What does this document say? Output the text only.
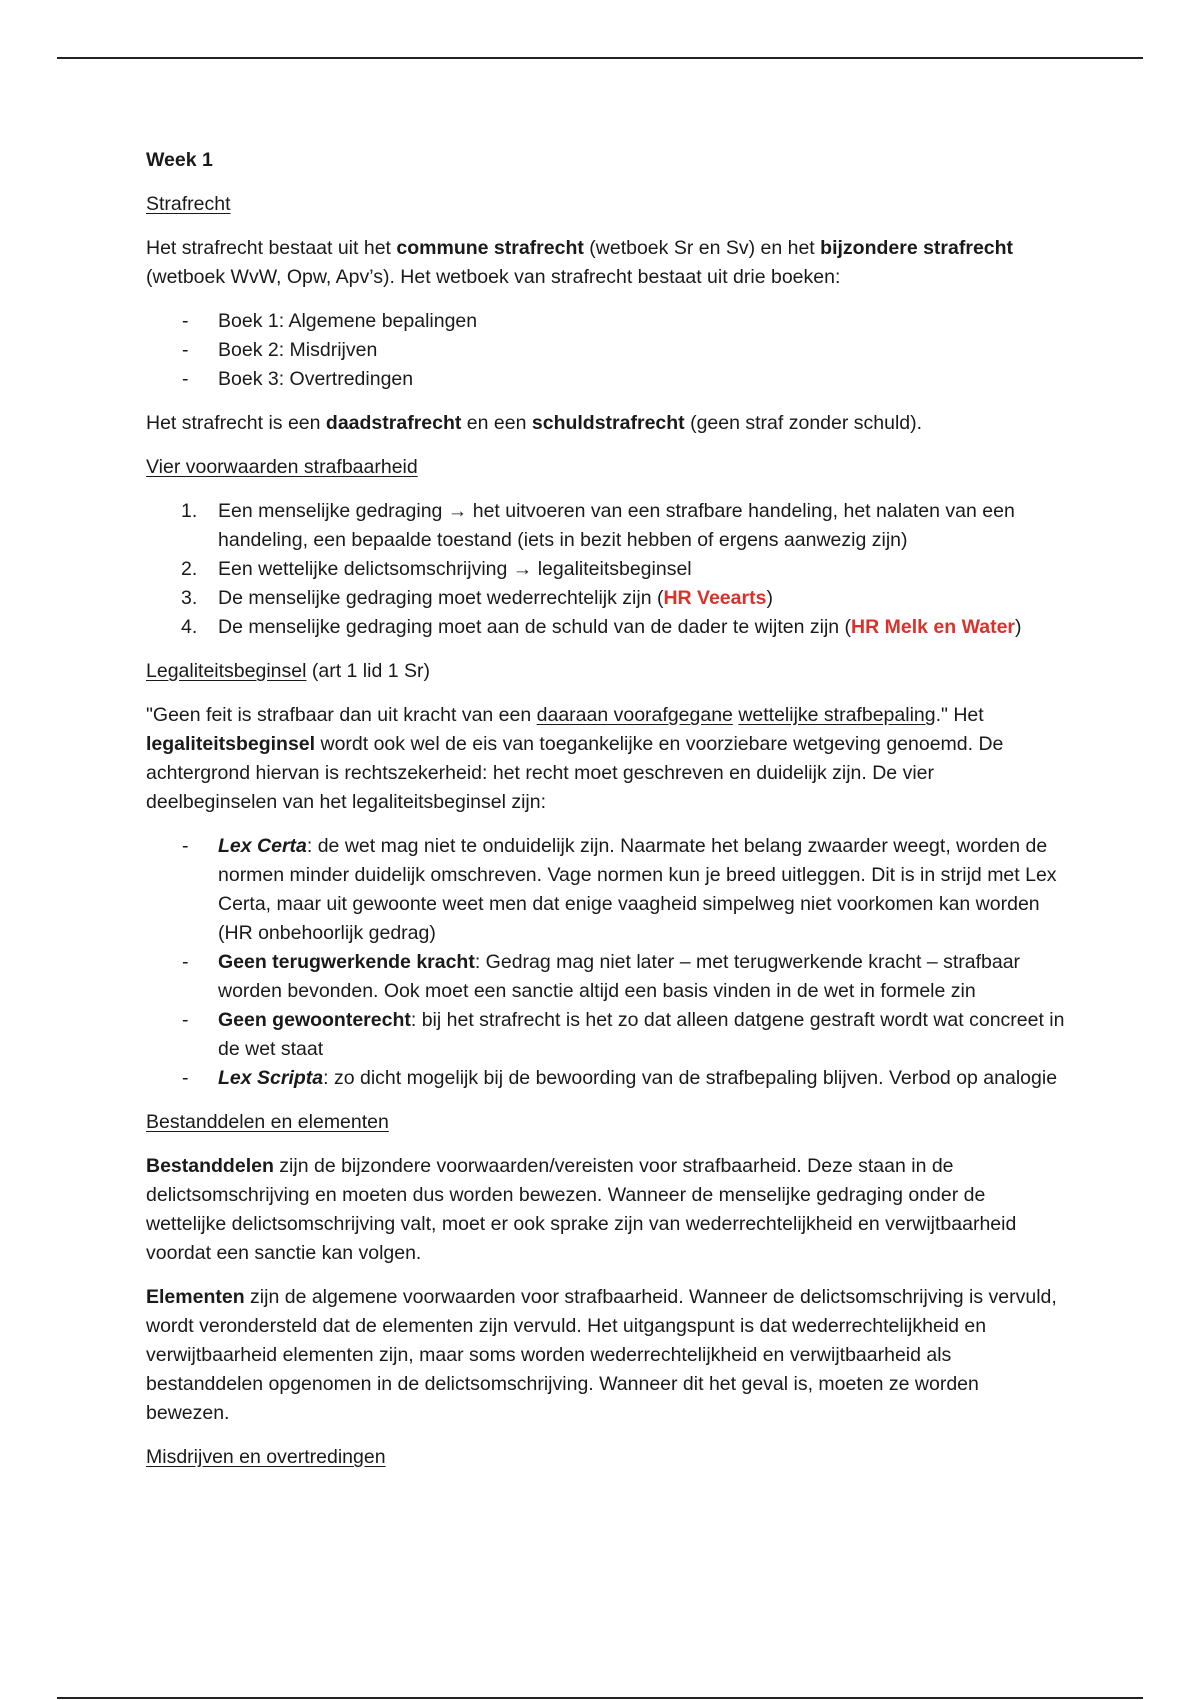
Week 1

Strafrecht

Het strafrecht bestaat uit het commune strafrecht (wetboek Sr en Sv) en het bijzondere strafrecht (wetboek WvW, Opw, Apv’s). Het wetboek van strafrecht bestaat uit drie boeken:

- Boek 1: Algemene bepalingen
- Boek 2: Misdrijven
- Boek 3: Overtredingen

Het strafrecht is een daadstrafrecht en een schuldstrafrecht (geen straf zonder schuld).

Vier voorwaarden strafbaarheid

1. Een menselijke gedraging → het uitvoeren van een strafbare handeling, het nalaten van een handeling, een bepaalde toestand (iets in bezit hebben of ergens aanwezig zijn)
2. Een wettelijke delictsomschrijving → legaliteitsbeginsel
3. De menselijke gedraging moet wederrechtelijk zijn (HR Veearts)
4. De menselijke gedraging moet aan de schuld van de dader te wijten zijn (HR Melk en Water)

Legaliteitsbeginsel (art 1 lid 1 Sr)

"Geen feit is strafbaar dan uit kracht van een daaraan voorafgegane wettelijke strafbepaling." Het legaliteitsbeginsel wordt ook wel de eis van toegankelijke en voorziebare wetgeving genoemd. De achtergrond hiervan is rechtszekerheid: het recht moet geschreven en duidelijk zijn. De vier deelbeginselen van het legaliteitsbeginsel zijn:

- Lex Certa: de wet mag niet te onduidelijk zijn. Naarmate het belang zwaarder weegt, worden de normen minder duidelijk omschreven. Vage normen kun je breed uitleggen. Dit is in strijd met Lex Certa, maar uit gewoonte weet men dat enige vaagheid simpelweg niet voorkomen kan worden (HR onbehoorlijk gedrag)
- Geen terugwerkende kracht: Gedrag mag niet later – met terugwerkende kracht – strafbaar worden bevonden. Ook moet een sanctie altijd een basis vinden in de wet in formele zin
- Geen gewoonterecht: bij het strafrecht is het zo dat alleen datgene gestraft wordt wat concreet in de wet staat
- Lex Scripta: zo dicht mogelijk bij de bewoording van de strafbepaling blijven. Verbod op analogie

Bestanddelen en elementen

Bestanddelen zijn de bijzondere voorwaarden/vereisten voor strafbaarheid. Deze staan in de delictsomschrijving en moeten dus worden bewezen. Wanneer de menselijke gedraging onder de wettelijke delictsomschrijving valt, moet er ook sprake zijn van wederrechtelijkheid en verwijtbaarheid voordat een sanctie kan volgen.

Elementen zijn de algemene voorwaarden voor strafbaarheid. Wanneer de delictsomschrijving is vervuld, wordt verondersteld dat de elementen zijn vervuld. Het uitgangspunt is dat wederrechtelijkheid en verwijtbaarheid elementen zijn, maar soms worden wederrechtelijkheid en verwijtbaarheid als bestanddelen opgenomen in de delictsomschrijving. Wanneer dit het geval is, moeten ze worden bewezen.

Misdrijven en overtredingen
